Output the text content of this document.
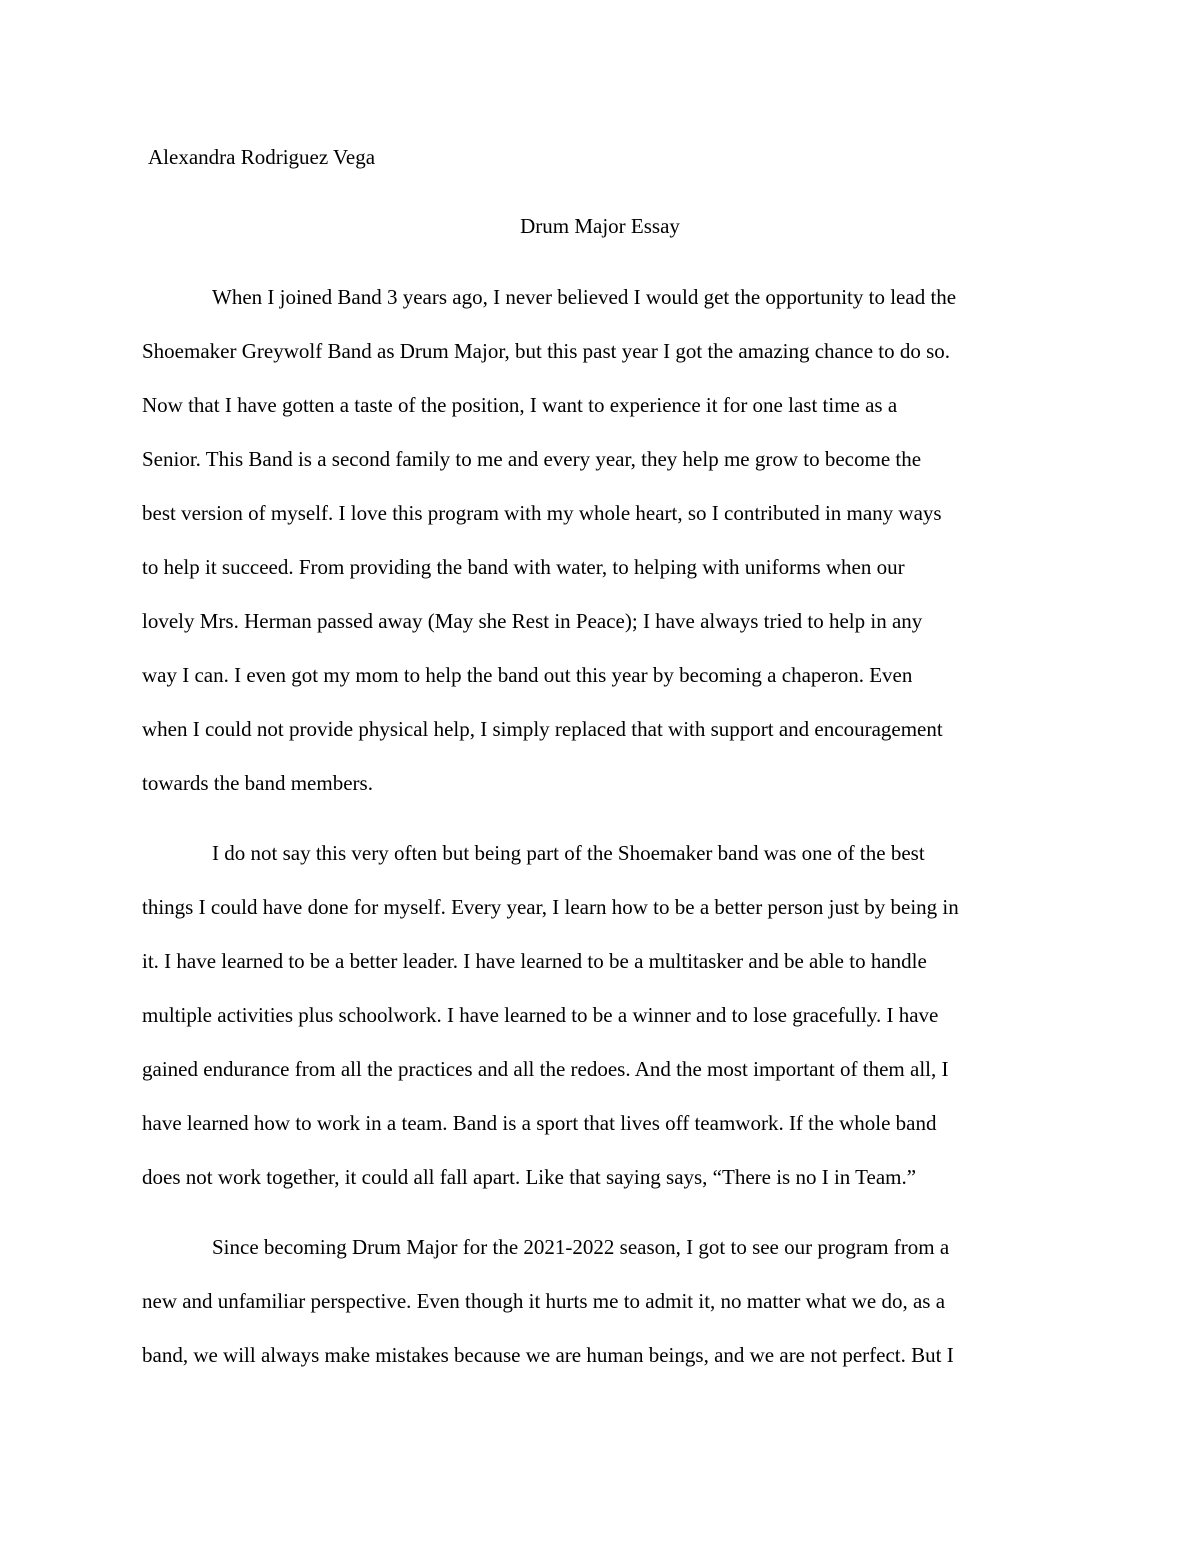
Alexandra Rodriguez Vega
Drum Major Essay
When I joined Band 3 years ago, I never believed I would get the opportunity to lead the
Shoemaker Greywolf Band as Drum Major, but this past year I got the amazing chance to do so.
Now that I have gotten a taste of the position, I want to experience it for one last time as a
Senior. This Band is a second family to me and every year, they help me grow to become the
best version of myself. I love this program with my whole heart, so I contributed in many ways
to help it succeed. From providing the band with water, to helping with uniforms when our
lovely Mrs. Herman passed away (May she Rest in Peace); I have always tried to help in any
way I can. I even got my mom to help the band out this year by becoming a chaperon. Even
when I could not provide physical help, I simply replaced that with support and encouragement
towards the band members.
I do not say this very often but being part of the Shoemaker band was one of the best
things I could have done for myself. Every year, I learn how to be a better person just by being in
it. I have learned to be a better leader. I have learned to be a multitasker and be able to handle
multiple activities plus schoolwork. I have learned to be a winner and to lose gracefully. I have
gained endurance from all the practices and all the redoes. And the most important of them all, I
have learned how to work in a team. Band is a sport that lives off teamwork. If the whole band
does not work together, it could all fall apart. Like that saying says, “There is no I in Team.”
Since becoming Drum Major for the 2021-2022 season, I got to see our program from a
new and unfamiliar perspective. Even though it hurts me to admit it, no matter what we do, as a
band, we will always make mistakes because we are human beings, and we are not perfect. But I
